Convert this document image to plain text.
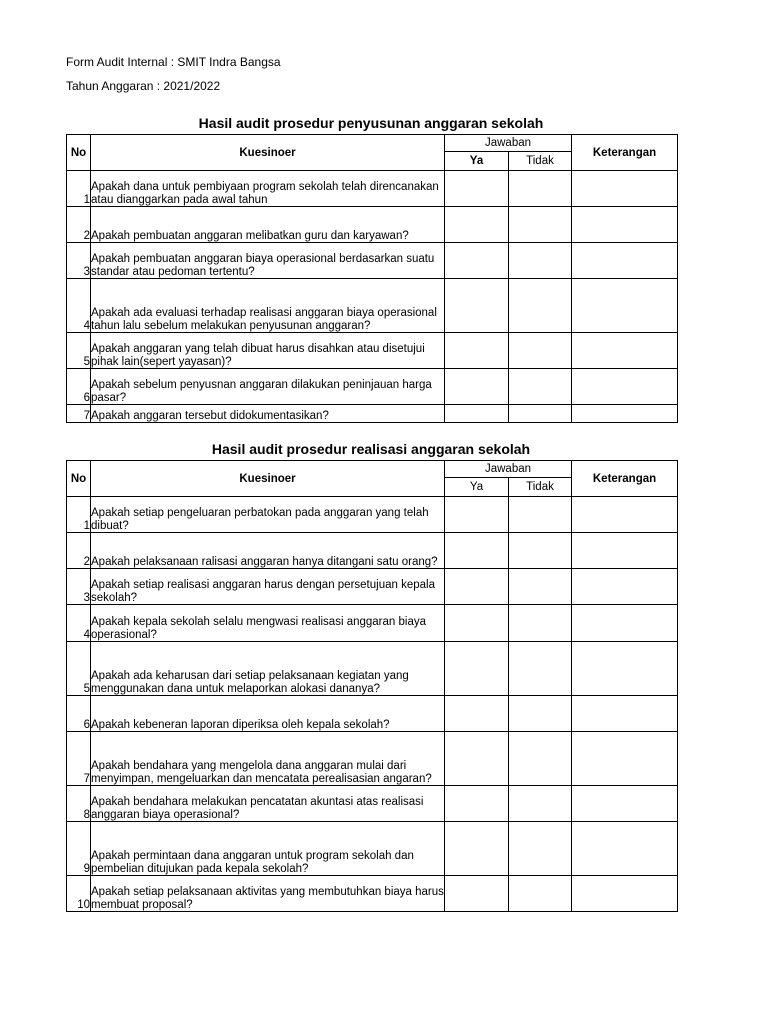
Form Audit Internal : SMIT Indra Bangsa
Tahun Anggaran : 2021/2022
Hasil audit prosedur penyusunan anggaran sekolah
No	Kuesinoer	Jawaban		Keterangan
		Ya	Tidak	
1	Apakah dana untuk pembiyaan program sekolah telah direncanakan atau dianggarkan pada awal tahun			
2	Apakah pembuatan anggaran melibatkan guru dan karyawan?			
3	Apakah pembuatan anggaran biaya operasional berdasarkan suatu standar atau pedoman tertentu?			
4	Apakah ada evaluasi terhadap realisasi anggaran biaya operasional tahun lalu sebelum melakukan penyusunan anggaran?			
5	Apakah anggaran yang telah dibuat harus disahkan atau disetujui pihak lain(sepert yayasan)?			
6	Apakah sebelum penyusnan anggaran dilakukan peninjauan harga pasar?			
7	Apakah anggaran tersebut didokumentasikan?			
Hasil audit prosedur realisasi anggaran sekolah
No	Kuesinoer	Jawaban		Keterangan
		Ya	Tidak	
1	Apakah setiap pengeluaran perbatokan pada anggaran yang telah dibuat?			
2	Apakah pelaksanaan ralisasi anggaran hanya ditangani satu orang?			
3	Apakah setiap realisasi anggaran harus dengan persetujuan kepala sekolah?			
4	Apakah kepala sekolah selalu mengwasi realisasi anggaran biaya operasional?			
5	Apakah ada keharusan dari setiap pelaksanaan kegiatan yang menggunakan dana untuk melaporkan alokasi dananya?			
6	Apakah kebeneran laporan diperiksa oleh kepala sekolah?			
7	Apakah bendahara yang mengelola dana anggaran mulai dari menyimpan, mengeluarkan dan mencatata perealisasian angaran?			
8	Apakah bendahara melakukan pencatatan akuntasi atas realisasi anggaran biaya operasional?			
9	Apakah permintaan dana anggaran untuk program sekolah dan pembelian ditujukan pada kepala sekolah?			
10	Apakah setiap pelaksanaan aktivitas yang membutuhkan biaya harus membuat proposal?			
